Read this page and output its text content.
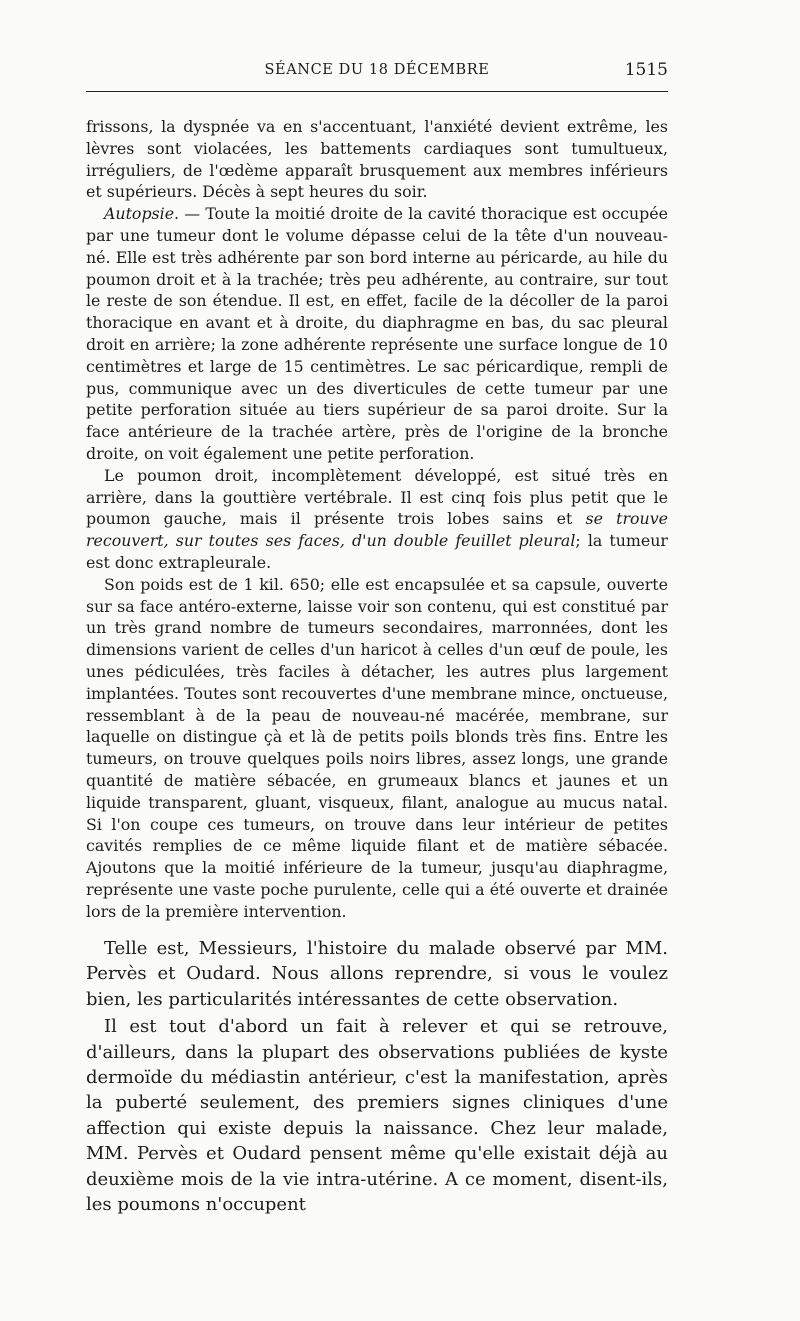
SÉANCE DU 18 DÉCEMBRE	1515

frissons, la dyspnée va en s'accentuant, l'anxiété devient extrême, les lèvres sont violacées, les battements cardiaques sont tumultueux, irréguliers, de l'œdème apparaît brusquement aux membres inférieurs et supérieurs. Décès à sept heures du soir.

Autopsie. — Toute la moitié droite de la cavité thoracique est occupée par une tumeur dont le volume dépasse celui de la tête d'un nouveau-né. Elle est très adhérente par son bord interne au péricarde, au hile du poumon droit et à la trachée; très peu adhérente, au contraire, sur tout le reste de son étendue. Il est, en effet, facile de la décoller de la paroi thoracique en avant et à droite, du diaphragme en bas, du sac pleural droit en arrière; la zone adhérente représente une surface longue de 10 centimètres et large de 15 centimètres. Le sac péricardique, rempli de pus, communique avec un des diverticules de cette tumeur par une petite perforation située au tiers supérieur de sa paroi droite. Sur la face antérieure de la trachée artère, près de l'origine de la bronche droite, on voit également une petite perforation.

Le poumon droit, incomplètement développé, est situé très en arrière, dans la gouttière vertébrale. Il est cinq fois plus petit que le poumon gauche, mais il présente trois lobes sains et se trouve recouvert, sur toutes ses faces, d'un double feuillet pleural; la tumeur est donc extrapleurale.

Son poids est de 1 kil. 650; elle est encapsulée et sa capsule, ouverte sur sa face antéro-externe, laisse voir son contenu, qui est constitué par un très grand nombre de tumeurs secondaires, marronnées, dont les dimensions varient de celles d'un haricot à celles d'un œuf de poule, les unes pédiculées, très faciles à détacher, les autres plus largement implantées. Toutes sont recouvertes d'une membrane mince, onctueuse, ressemblant à de la peau de nouveau-né macérée, membrane, sur laquelle on distingue çà et là de petits poils blonds très fins. Entre les tumeurs, on trouve quelques poils noirs libres, assez longs, une grande quantité de matière sébacée, en grumeaux blancs et jaunes et un liquide transparent, gluant, visqueux, filant, analogue au mucus natal. Si l'on coupe ces tumeurs, on trouve dans leur intérieur de petites cavités remplies de ce même liquide filant et de matière sébacée. Ajoutons que la moitié inférieure de la tumeur, jusqu'au diaphragme, représente une vaste poche purulente, celle qui a été ouverte et drainée lors de la première intervention.

Telle est, Messieurs, l'histoire du malade observé par MM. Pervès et Oudard. Nous allons reprendre, si vous le voulez bien, les particularités intéressantes de cette observation.

Il est tout d'abord un fait à relever et qui se retrouve, d'ailleurs, dans la plupart des observations publiées de kyste dermoïde du médiastin antérieur, c'est la manifestation, après la puberté seulement, des premiers signes cliniques d'une affection qui existe depuis la naissance. Chez leur malade, MM. Pervès et Oudard pensent même qu'elle existait déjà au deuxième mois de la vie intra-utérine. A ce moment, disent-ils, les poumons n'occupent
